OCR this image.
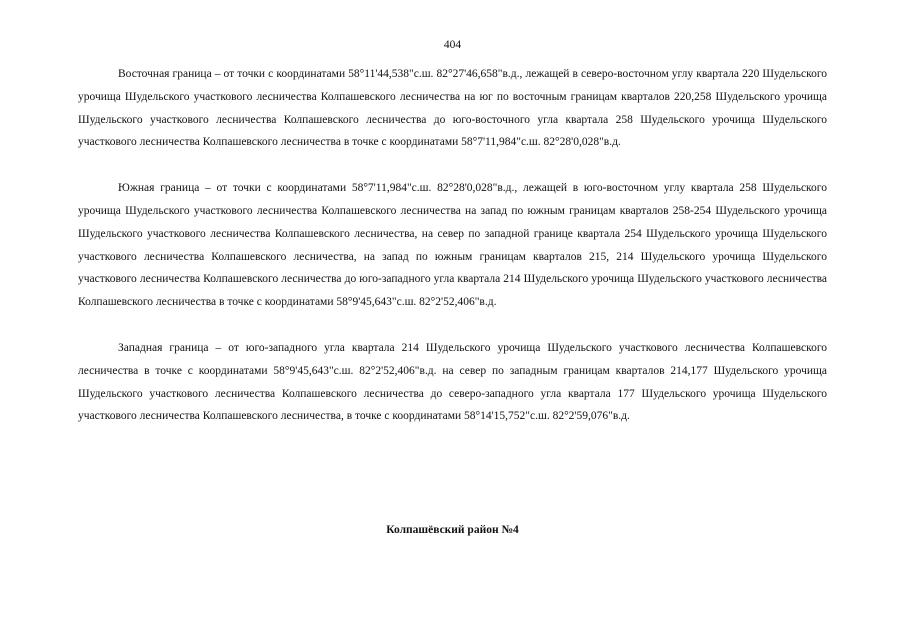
404

Восточная граница – от точки с координатами 58°11'44,538"с.ш. 82°27'46,658"в.д., лежащей в северо-восточном углу квартала 220 Шудельского урочища Шудельского участкового лесничества Колпашевского лесничества на юг по восточным границам кварталов 220,258 Шудельского урочища Шудельского участкового лесничества Колпашевского лесничества до юго-восточного угла квартала 258 Шудельского урочища Шудельского участкового лесничества Колпашевского лесничества в точке с координатами 58°7'11,984"с.ш. 82°28'0,028"в.д.

Южная граница – от точки с координатами 58°7'11,984"с.ш. 82°28'0,028"в.д., лежащей в юго-восточном углу квартала 258 Шудельского урочища Шудельского участкового лесничества Колпашевского лесничества на запад по южным границам кварталов 258-254 Шудельского урочища Шудельского участкового лесничества Колпашевского лесничества, на север по западной границе квартала 254 Шудельского урочища Шудельского участкового лесничества Колпашевского лесничества, на запад по южным границам кварталов 215, 214 Шудельского урочища Шудельского участкового лесничества Колпашевского лесничества до юго-западного угла квартала 214 Шудельского урочища Шудельского участкового лесничества Колпашевского лесничества в точке с координатами 58°9'45,643"с.ш. 82°2'52,406"в.д.

Западная граница – от юго-западного угла квартала 214 Шудельского урочища Шудельского участкового лесничества Колпашевского лесничества в точке с координатами 58°9'45,643"с.ш. 82°2'52,406"в.д. на север по западным границам кварталов 214,177 Шудельского урочища Шудельского участкового лесничества Колпашевского лесничества до северо-западного угла квартала 177 Шудельского урочища Шудельского участкового лесничества Колпашевского лесничества, в точке с координатами 58°14'15,752"с.ш. 82°2'59,076"в.д.

Колпашёвский район №4
